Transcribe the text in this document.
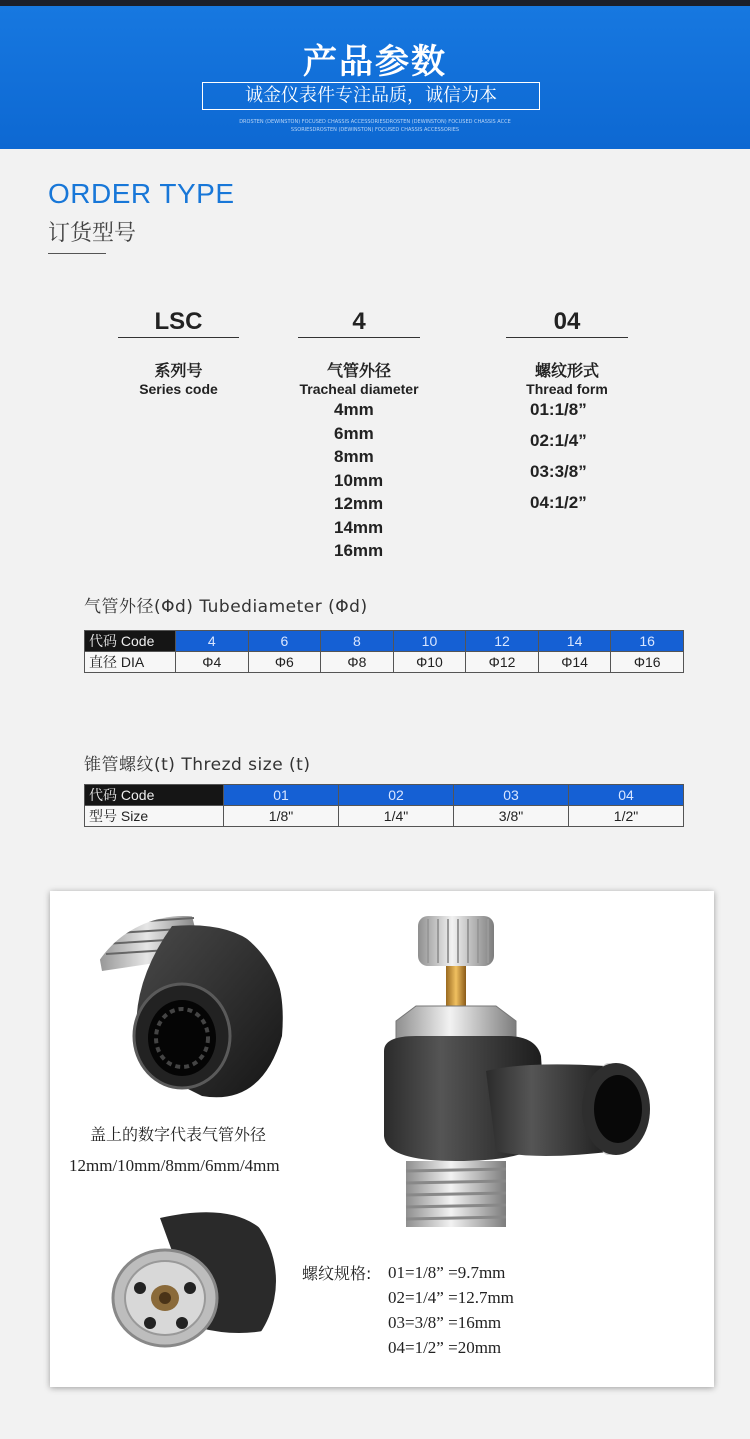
产品参数
诚金仪表件专注品质，诚信为本
DROSTEN (DEWINSTON) FOCUSED CHASSIS ACCESSORIESDROSTEN (DEWINSTON) FOCUSED CHASSIS ACCE
SSORIESDROSTEN (DEWINSTON) FOCUSED CHASSIS ACCESSORIES
ORDER TYPE
订货型号
LSC
系列号
Series code
4
气管外径
Tracheal diameter
04
螺纹形式
Thread form
4mm
6mm
8mm
10mm
12mm
14mm
16mm
01:1/8”
02:1/4”
03:3/8”
04:1/2”
气管外径(Φd) Tubediameter (Φd)
代码 Code	4	6	8	10	12	14	16
直径 DIA	Φ4	Φ6	Φ8	Φ10	Φ12	Φ14	Φ16
锥管螺纹(t) Threzd size (t)
代码 Code	01	02	03	04
型号 Size	1/8"	1/4"	3/8"	1/2"
盖上的数字代表气管外径
12mm/10mm/8mm/6mm/4mm
螺纹规格: 01=1/8” =9.7mm
02=1/4” =12.7mm
03=3/8” =16mm
04=1/2” =20mm
